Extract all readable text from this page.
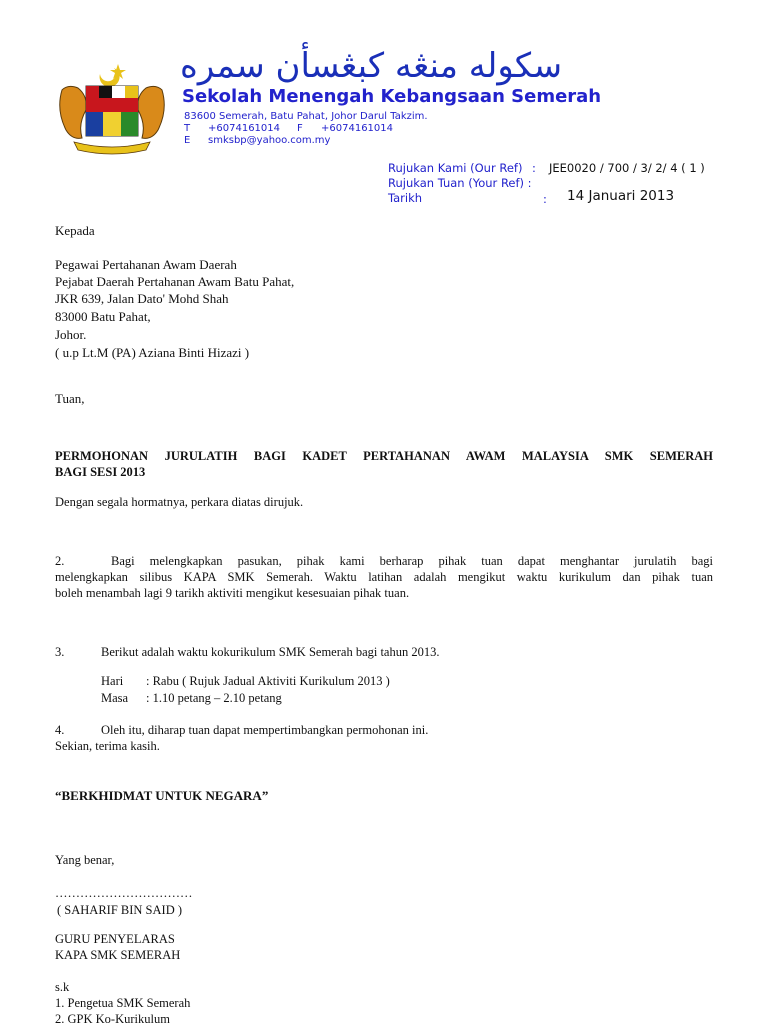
سکوله منڠه کبڠسأن سمره
Sekolah Menengah Kebangsaan Semerah
83600 Semerah, Batu Pahat, Johor Darul Takzim.
T +6074161014 F +6074161014
E smksbp@yahoo.com.my
Rujukan Kami (Our Ref) : JEE0020 / 700 / 3/ 2/ 4 ( 1 )
Rujukan Tuan (Your Ref) :
Tarikh	: 14 Januari 2013
Kepada
Pegawai Pertahanan Awam Daerah
Pejabat Daerah Pertahanan Awam Batu Pahat,
JKR 639, Jalan Dato' Mohd Shah
83000 Batu Pahat,
Johor.
( u.p Lt.M (PA) Aziana Binti Hizazi )
Tuan,
PERMOHONAN JURULATIH BAGI KADET PERTAHANAN AWAM MALAYSIA SMK SEMERAH
BAGI SESI 2013
Dengan segala hormatnya, perkara diatas dirujuk.
2.	Bagi melengkapkan pasukan, pihak kami berharap pihak tuan dapat menghantar jurulatih bagi
melengkapkan silibus KAPA SMK Semerah. Waktu latihan adalah mengikut waktu kurikulum dan pihak tuan
boleh menambah lagi 9 tarikh aktiviti mengikut kesesuaian pihak tuan.
3.	Berikut adalah waktu kokurikulum SMK Semerah bagi tahun 2013.
Hari : Rabu ( Rujuk Jadual Aktiviti Kurikulum 2013 )
Masa : 1.10 petang – 2.10 petang
4.	Oleh itu, diharap tuan dapat mempertimbangkan permohonan ini.
Sekian, terima kasih.
“BERKHIDMAT UNTUK NEGARA”
Yang benar,
……………………………
( SAHARIF BIN SAID )
GURU PENYELARAS
KAPA SMK SEMERAH
s.k
1. Pengetua SMK Semerah
2. GPK Ko-Kurikulum
